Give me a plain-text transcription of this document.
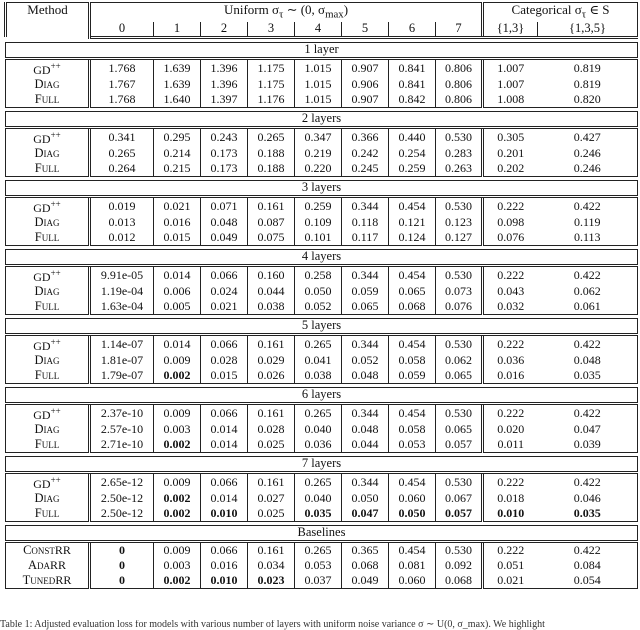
Method	Uniform $\sigma_\tau$ ∼ (0, $\sigma_{max}$)								Categorical $\sigma_\tau$ ∈ S	
	0	1	2	3	4	5	6	7	{1,3}	{1,3,5}

1 layer										
GD++	1.768	1.639	1.396	1.175	1.015	0.907	0.841	0.806	1.007	0.819
Diag	1.767	1.639	1.396	1.175	1.015	0.906	0.841	0.806	1.007	0.819
Full	1.768	1.640	1.397	1.176	1.015	0.907	0.842	0.806	1.008	0.820

2 layers										
GD++	0.341	0.295	0.243	0.265	0.347	0.366	0.440	0.530	0.305	0.427
Diag	0.265	0.214	0.173	0.188	0.219	0.242	0.254	0.283	0.201	0.246
Full	0.264	0.215	0.173	0.188	0.220	0.245	0.259	0.263	0.202	0.246

3 layers										
GD++	0.019	0.021	0.071	0.161	0.259	0.344	0.454	0.530	0.222	0.422
Diag	0.013	0.016	0.048	0.087	0.109	0.118	0.121	0.123	0.098	0.119
Full	0.012	0.015	0.049	0.075	0.101	0.117	0.124	0.127	0.076	0.113

4 layers										
GD++	9.91e-05	0.014	0.066	0.160	0.258	0.344	0.454	0.530	0.222	0.422
Diag	1.19e-04	0.006	0.024	0.044	0.050	0.059	0.065	0.073	0.043	0.062
Full	1.63e-04	0.005	0.021	0.038	0.052	0.065	0.068	0.076	0.032	0.061

5 layers										
GD++	1.14e-07	0.014	0.066	0.161	0.265	0.344	0.454	0.530	0.222	0.422
Diag	1.81e-07	0.009	0.028	0.029	0.041	0.052	0.058	0.062	0.036	0.048
Full	1.79e-07	0.002	0.015	0.026	0.038	0.048	0.059	0.065	0.016	0.035

6 layers										
GD++	2.37e-10	0.009	0.066	0.161	0.265	0.344	0.454	0.530	0.222	0.422
Diag	2.57e-10	0.003	0.014	0.028	0.040	0.048	0.058	0.065	0.020	0.047
Full	2.71e-10	0.002	0.014	0.025	0.036	0.044	0.053	0.057	0.011	0.039

7 layers										
GD++	2.65e-12	0.009	0.066	0.161	0.265	0.344	0.454	0.530	0.222	0.422
Diag	2.50e-12	0.002	0.014	0.027	0.040	0.050	0.060	0.067	0.018	0.046
Full	2.50e-12	0.002	0.010	0.025	0.035	0.047	0.050	0.057	0.010	0.035

Baselines										
ConstRR	0	0.009	0.066	0.161	0.265	0.365	0.454	0.530	0.222	0.422
AdaRR	0	0.003	0.016	0.034	0.053	0.068	0.081	0.092	0.051	0.084
TunedRR	0	0.002	0.010	0.023	0.037	0.049	0.060	0.068	0.021	0.054
Table 1: Adjusted evaluation loss for models with various number of layers with uniform noise variance σ ∼ U(0, σ_max). We highlight
